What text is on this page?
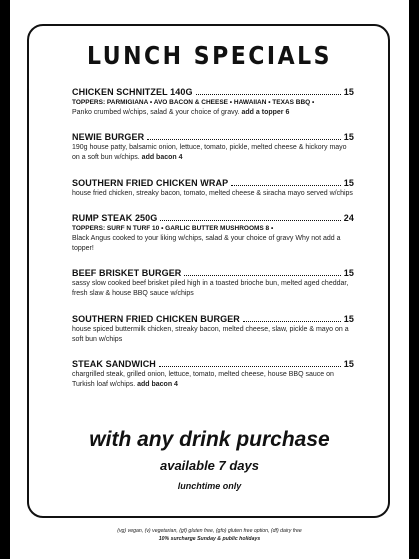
LUNCH SPECIALS
CHICKEN SCHNITZEL 140G	15
TOPPERS: PARMIGIANA • AVO BACON & CHEESE • HAWAIIAN • TEXAS BBQ •
Panko crumbed w/chips, salad & your choice of gravy. add a topper 6
NEWIE BURGER	15
190g house patty, balsamic onion, lettuce, tomato, pickle, melted cheese & hickory mayo on a soft bun w/chips. add bacon 4
SOUTHERN FRIED CHICKEN WRAP	15
house fried chicken, streaky bacon, tomato, melted cheese & siracha mayo served w/chips
RUMP STEAK 250G	24
TOPPERS: SURF N TURF 10 • GARLIC BUTTER MUSHROOMS 8 •
Black Angus cooked to your liking w/chips, salad & your choice of gravy Why not add a topper!
BEEF BRISKET BURGER	15
sassy slow cooked beef brisket piled high in a toasted brioche bun, melted aged cheddar, fresh slaw & house BBQ sauce w/chips
SOUTHERN FRIED CHICKEN BURGER	15
house spiced buttermilk chicken, streaky bacon, melted cheese, slaw, pickle & mayo on a soft bun w/chips
STEAK SANDWICH	15
chargrilled steak, grilled onion, lettuce, tomato, melted cheese, house BBQ sauce on Turkish loaf w/chips. add bacon 4
with any drink purchase
available 7 days
lunchtime only
(vg) vegan, (v) vegetarian, (gf) gluten free, (gfo) gluten free option, (df) dairy free
10% surcharge Sunday & public holidays
